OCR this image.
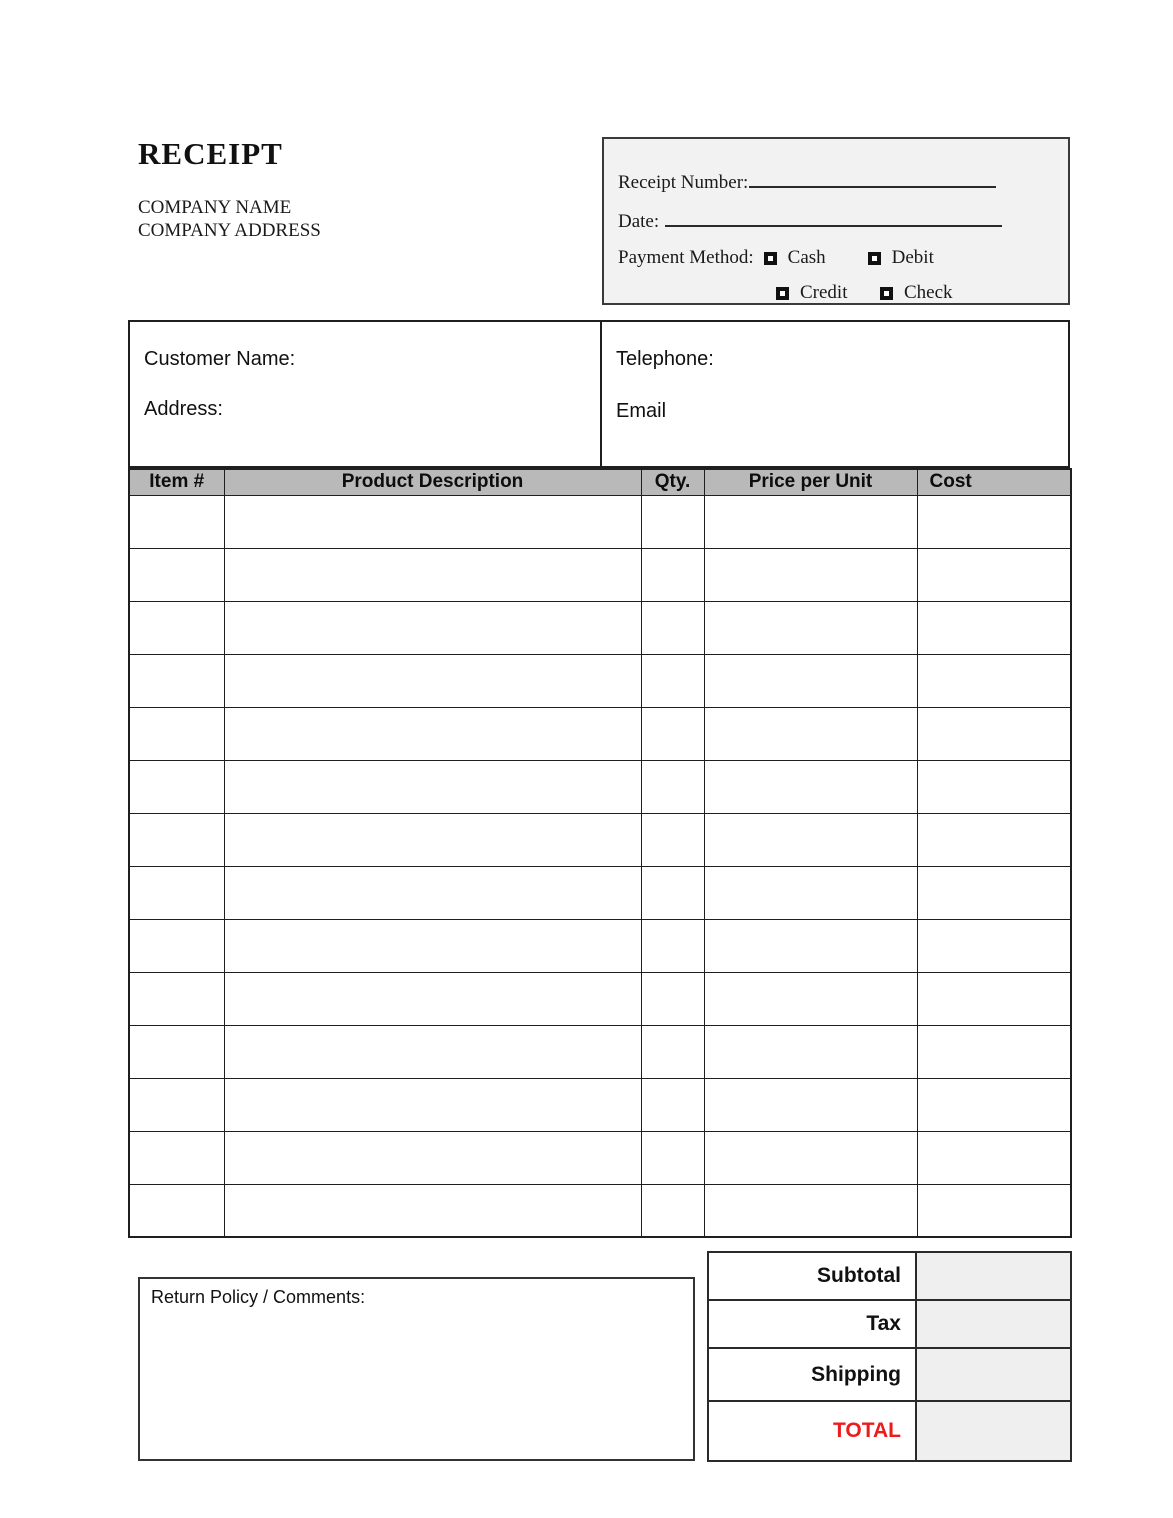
RECEIPT
COMPANY NAME
COMPANY ADDRESS
Receipt Number:
Date:
Payment Method: Cash	Debit
Credit	Check
Customer Name:
Address:
Telephone:
Email
Item #	Product Description	Qty.	Price per Unit	Cost

Subtotal	
Tax	
Shipping	
TOTAL	
Return Policy / Comments:
